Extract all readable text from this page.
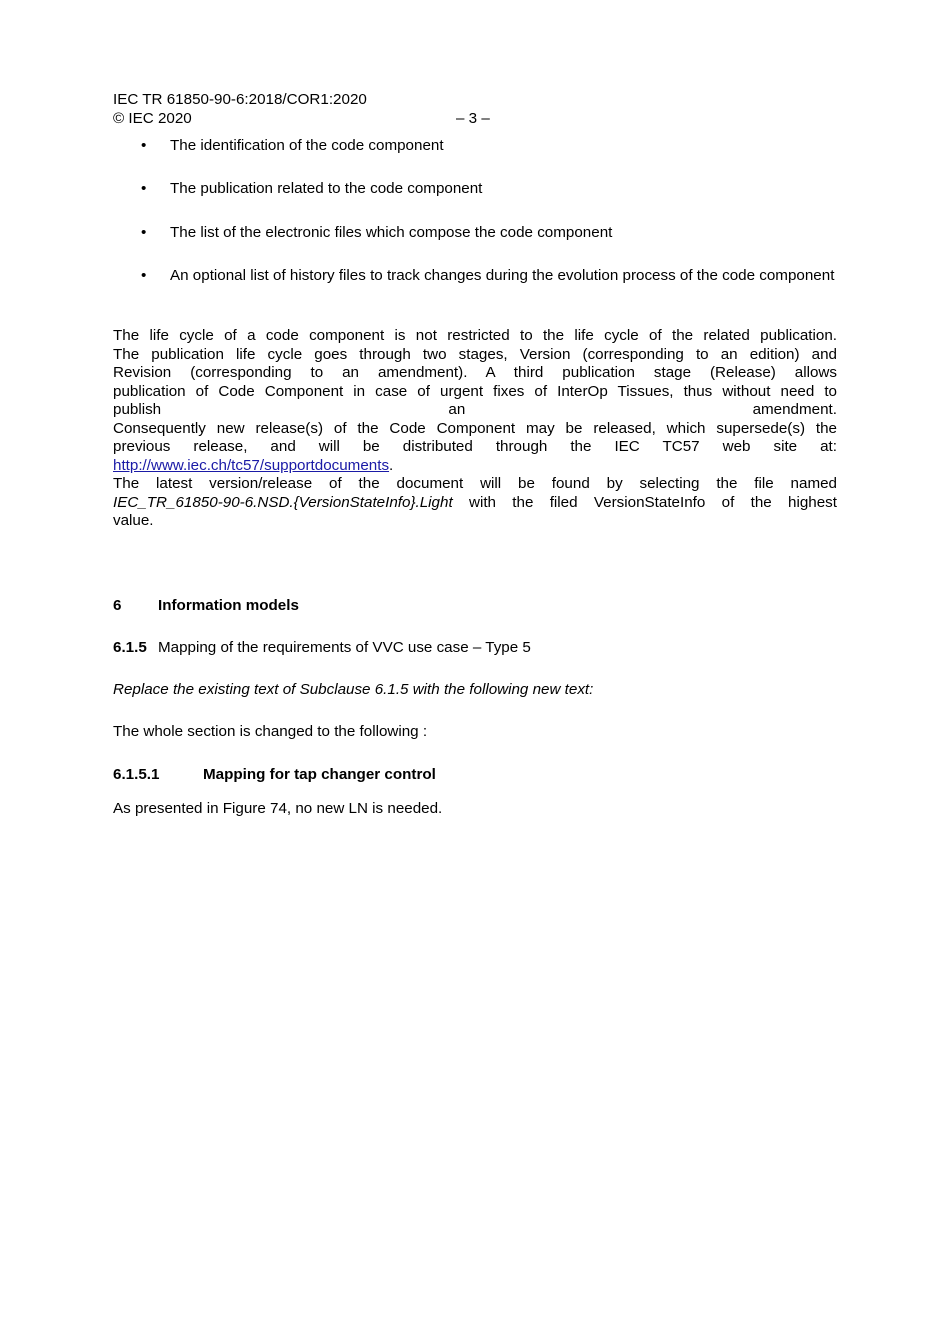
IEC TR 61850-90-6:2018/COR1:2020
© IEC 2020	– 3 –
• The identification of the code component
• The publication related to the code component
• The list of the electronic files which compose the code component
• An optional list of history files to track changes during the evolution process of the code component
The life cycle of a code component is not restricted to the life cycle of the related publication.
The publication life cycle goes through two stages, Version (corresponding to an edition) and
Revision (corresponding to an amendment). A third publication stage (Release) allows
publication of Code Component in case of urgent fixes of InterOp Tissues, thus without need to
publish an amendment.
Consequently new release(s) of the Code Component may be released, which supersede(s) the
previous release, and will be distributed through the IEC TC57 web site at:
http://www.iec.ch/tc57/supportdocuments.
The latest version/release of the document will be found by selecting the file named
IEC_TR_61850-90-6.NSD.{VersionStateInfo}.Light with the filed VersionStateInfo of the highest
value.
6 Information models
6.1.5 Mapping of the requirements of VVC use case – Type 5
Replace the existing text of Subclause 6.1.5 with the following new text:
The whole section is changed to the following :
6.1.5.1	Mapping for tap changer control
As presented in Figure 74, no new LN is needed.
